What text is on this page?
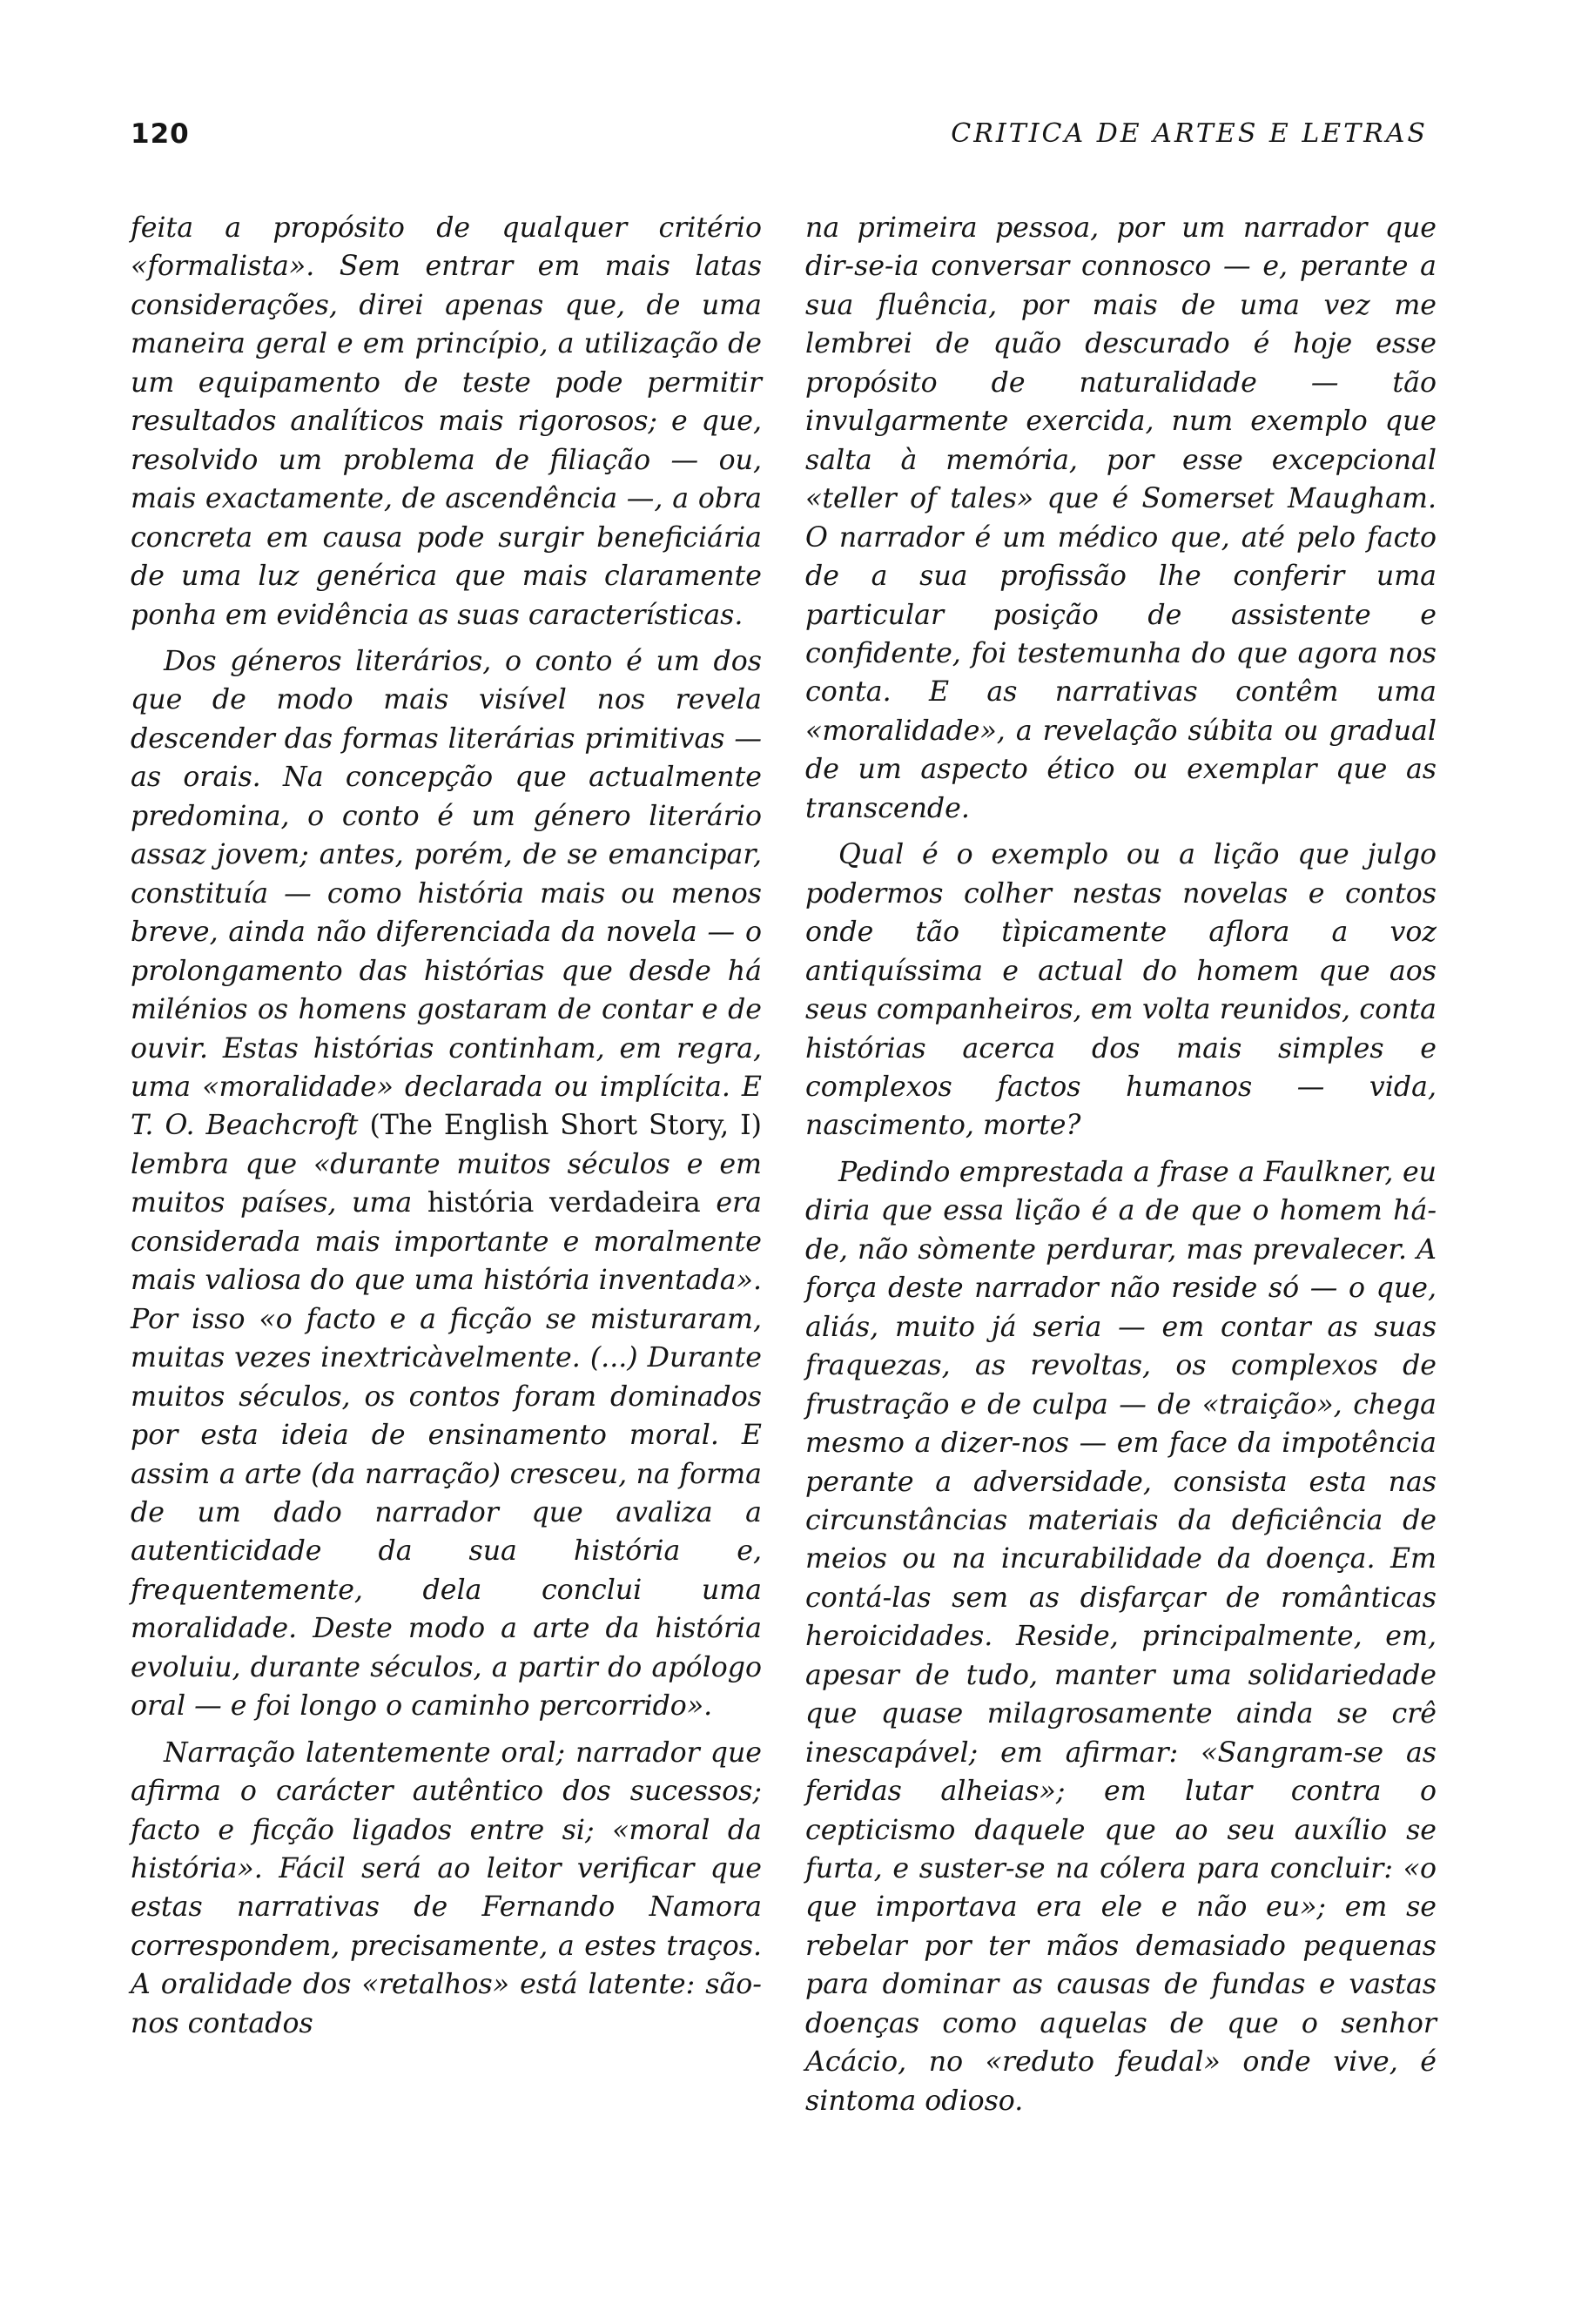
120	CRITICA DE ARTES E LETRAS

feita a propósito de qualquer critério «formalista». Sem entrar em mais latas considerações, direi apenas que, de uma maneira geral e em princípio, a utilização de um equipamento de teste pode permitir resultados analíticos mais rigorosos; e que, resolvido um problema de filiação — ou, mais exactamente, de ascendência —, a obra concreta em causa pode surgir beneficiária de uma luz genérica que mais claramente ponha em evidência as suas características.

Dos géneros literários, o conto é um dos que de modo mais visível nos revela descender das formas literárias primitivas — as orais. Na concepção que actualmente predomina, o conto é um género literário assaz jovem; antes, porém, de se emancipar, constituía — como história mais ou menos breve, ainda não diferenciada da novela — o prolongamento das histórias que desde há milénios os homens gostaram de contar e de ouvir. Estas histórias continham, em regra, uma «moralidade» declarada ou implícita. E T. O. Beachcroft (The English Short Story, I) lembra que «durante muitos séculos e em muitos países, uma história verdadeira era considerada mais importante e moralmente mais valiosa do que uma história inventada». Por isso «o facto e a ficção se misturaram, muitas vezes inextricàvelmente. (...) Durante muitos séculos, os contos foram dominados por esta ideia de ensinamento moral. E assim a arte (da narração) cresceu, na forma de um dado narrador que avaliza a autenticidade da sua história e, frequentemente, dela conclui uma moralidade. Deste modo a arte da história evoluiu, durante séculos, a partir do apólogo oral — e foi longo o caminho percorrido».

Narração latentemente oral; narrador que afirma o carácter autêntico dos sucessos; facto e ficção ligados entre si; «moral da história». Fácil será ao leitor verificar que estas narrativas de Fernando Namora correspondem, precisamente, a estes traços. A oralidade dos «retalhos» está latente: são-nos contados

na primeira pessoa, por um narrador que dir-se-ia conversar connosco — e, perante a sua fluência, por mais de uma vez me lembrei de quão descurado é hoje esse propósito de naturalidade — tão invulgarmente exercida, num exemplo que salta à memória, por esse excepcional «teller of tales» que é Somerset Maugham. O narrador é um médico que, até pelo facto de a sua profissão lhe conferir uma particular posição de assistente e confidente, foi testemunha do que agora nos conta. E as narrativas contêm uma «moralidade», a revelação súbita ou gradual de um aspecto ético ou exemplar que as transcende.

Qual é o exemplo ou a lição que julgo podermos colher nestas novelas e contos onde tão tìpicamente aflora a voz antiquíssima e actual do homem que aos seus companheiros, em volta reunidos, conta histórias acerca dos mais simples e complexos factos humanos — vida, nascimento, morte?

Pedindo emprestada a frase a Faulkner, eu diria que essa lição é a de que o homem há-de, não sòmente perdurar, mas prevalecer. A força deste narrador não reside só — o que, aliás, muito já seria — em contar as suas fraquezas, as revoltas, os complexos de frustração e de culpa — de «traição», chega mesmo a dizer-nos — em face da impotência perante a adversidade, consista esta nas circunstâncias materiais da deficiência de meios ou na incurabilidade da doença. Em contá-las sem as disfarçar de românticas heroicidades. Reside, principalmente, em, apesar de tudo, manter uma solidariedade que quase milagrosamente ainda se crê inescapável; em afirmar: «Sangram-se as feridas alheias»; em lutar contra o cepticismo daquele que ao seu auxílio se furta, e suster-se na cólera para concluir: «o que importava era ele e não eu»; em se rebelar por ter mãos demasiado pequenas para dominar as causas de fundas e vastas doenças como aquelas de que o senhor Acácio, no «reduto feudal» onde vive, é sintoma odioso.
